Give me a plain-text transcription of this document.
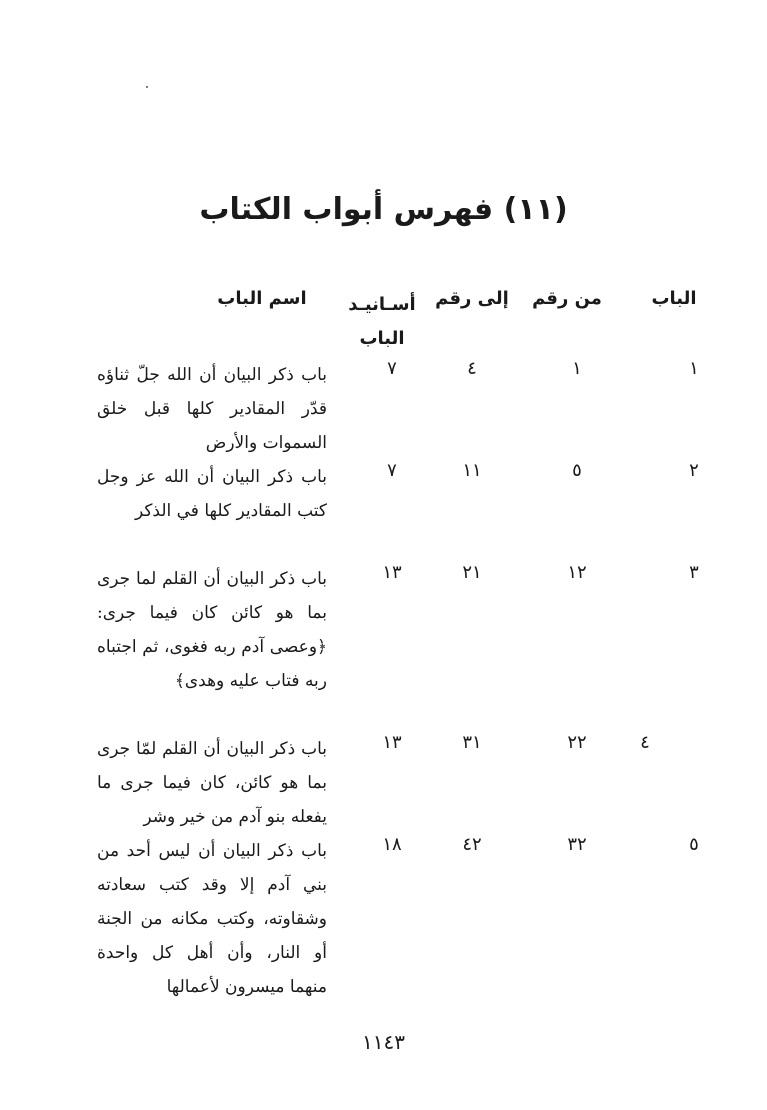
(١١) فهرس أبواب الكتاب
الباب
من رقم
إلى رقم
أسـانيـد الباب
اسم الباب
١
١
٤
٧
باب ذكر البيان أن الله جلّ ثناؤه قدّر المقادير كلها قبل خلق السموات والأرض
٢
٥
١١
٧
باب ذكر البيان أن الله عز وجل كتب المقادير كلها في الذكر
٣
١٢
٢١
١٣
باب ذكر البيان أن القلم لما جرى بما هو كائن كان فيما جرى: ﴿وعصى آدم ربه فغوى، ثم اجتباه ربه فتاب عليه وهدى﴾
٤
٢٢
٣١
١٣
باب ذكر البيان أن القلم لمّا جرى بما هو كائن، كان فيما جرى ما يفعله بنو آدم من خير وشر
٥
٣٢
٤٢
١٨
باب ذكر البيان أن ليس أحد من بني آدم إلا وقد كتب سعادته وشقاوته، وكتب مكانه من الجنة أو النار، وأن أهل كل واحدة منهما ميسرون لأعمالها
١١٤٣
